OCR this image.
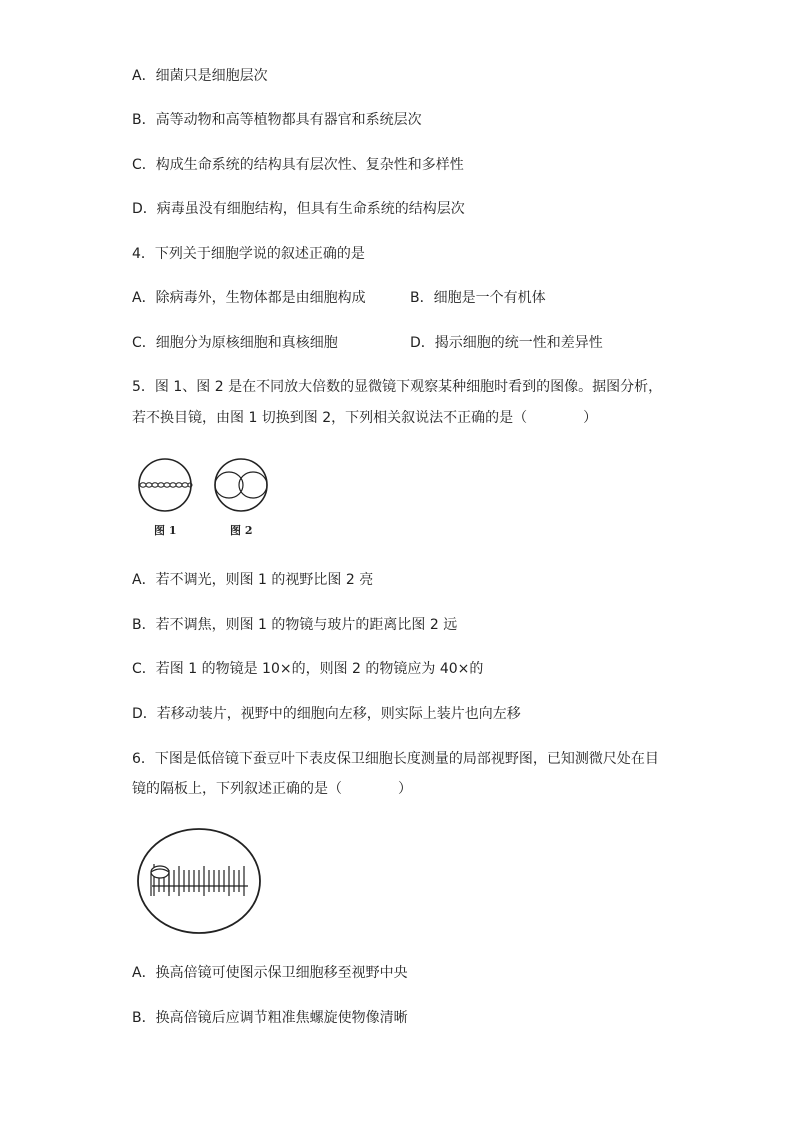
A．细菌只是细胞层次
B．高等动物和高等植物都具有器官和系统层次
C．构成生命系统的结构具有层次性、复杂性和多样性
D．病毒虽没有细胞结构，但具有生命系统的结构层次
4．下列关于细胞学说的叙述正确的是
A．除病毒外，生物体都是由细胞构成	B．细胞是一个有机体
C．细胞分为原核细胞和真核细胞	D．揭示细胞的统一性和差异性
5．图 1、图 2 是在不同放大倍数的显微镜下观察某种细胞时看到的图像。据图分析，
若不换目镜，由图 1 切换到图 2，下列相关叙说法不正确的是（　　　　）
图 1	图 2
A．若不调光，则图 1 的视野比图 2 亮
B．若不调焦，则图 1 的物镜与玻片的距离比图 2 远
C．若图 1 的物镜是 10×的，则图 2 的物镜应为 40×的
D．若移动装片，视野中的细胞向左移，则实际上装片也向左移
6．下图是低倍镜下蚕豆叶下表皮保卫细胞长度测量的局部视野图，已知测微尺处在目
镜的隔板上，下列叙述正确的是（　　　　）
A．换高倍镜可使图示保卫细胞移至视野中央
B．换高倍镜后应调节粗准焦螺旋使物像清晰
